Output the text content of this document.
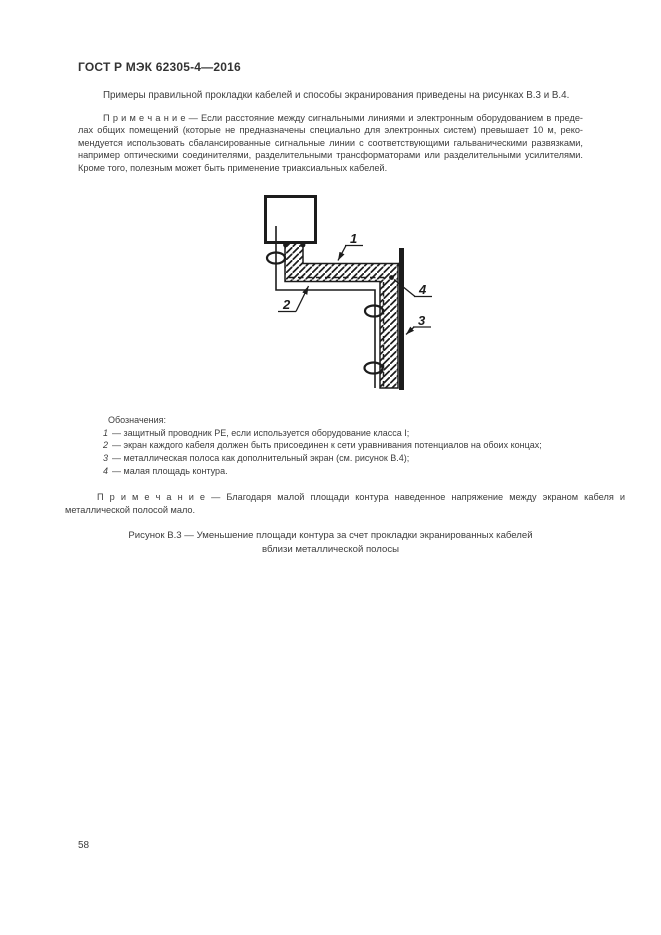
ГОСТ Р МЭК 62305-4—2016
Примеры правильной прокладки кабелей и способы экранирования приведены на рисунках В.3 и В.4.
П р и м е ч а н и е — Если расстояние между сигнальными линиями и электронным оборудованием в преде-
лах общих помещений (которые не предназначены специально для электронных систем) превышает 10 м, реко-
мендуется использовать сбалансированные сигнальные линии с соответствующими гальваническими развязками,
например оптическими соединителями, разделительными трансформаторами или разделительными усилителями.
Кроме того, полезным может быть применение триаксиальных кабелей.
1
2
3
4
Обозначения:
1 — защитный проводник PE, если используется оборудование класса I;
2 — экран каждого кабеля должен быть присоединен к сети уравнивания потенциалов на обоих концах;
3 — металлическая полоса как дополнительный экран (см. рисунок В.4);
4 — малая площадь контура.
П р и м е ч а н и е — Благодаря малой площади контура наведенное напряжение между экраном кабеля и
металлической полосой мало.
Рисунок В.3 — Уменьшение площади контура за счет прокладки экранированных кабелей
вблизи металлической полосы
58
